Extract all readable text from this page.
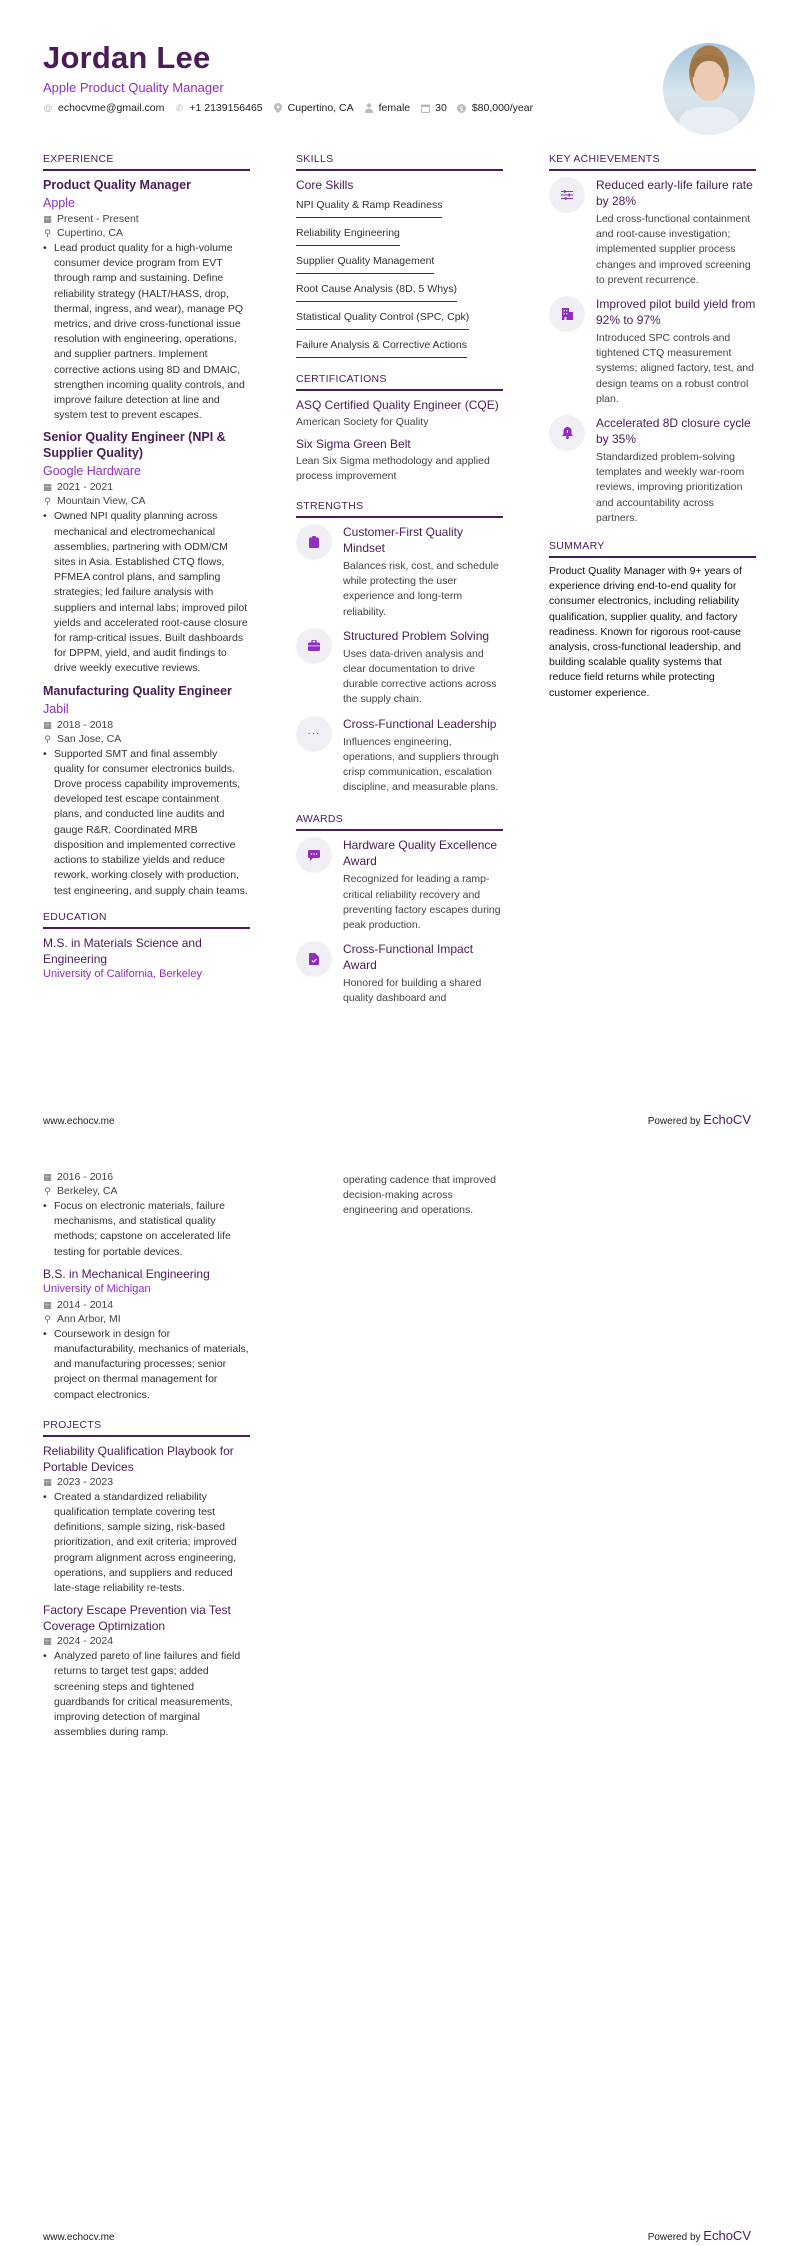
Jordan Lee
Apple Product Quality Manager
@ echocvme@gmail.com ✆ +1 2139156465 Cupertino, CA female 30 $ $80,000/year
EXPERIENCE
Product Quality Manager
Apple
▦ Present - Present
⚲ Cupertino, CA
• Lead product quality for a high-volume consumer device program from EVT through ramp and sustaining. Define reliability strategy (HALT/HASS, drop, thermal, ingress, and wear), manage PQ metrics, and drive cross-functional issue resolution with engineering, operations, and supplier partners. Implement corrective actions using 8D and DMAIC, strengthen incoming quality controls, and improve failure detection at line and system test to prevent escapes.
Senior Quality Engineer (NPI & Supplier Quality)
Google Hardware
▦ 2021 - 2021
⚲ Mountain View, CA
• Owned NPI quality planning across mechanical and electromechanical assemblies, partnering with ODM/CM sites in Asia. Established CTQ flows, PFMEA control plans, and sampling strategies; led failure analysis with suppliers and internal labs; improved pilot yields and accelerated root-cause closure for ramp-critical issues. Built dashboards for DPPM, yield, and audit findings to drive weekly executive reviews.
Manufacturing Quality Engineer
Jabil
▦ 2018 - 2018
⚲ San Jose, CA
• Supported SMT and final assembly quality for consumer electronics builds. Drove process capability improvements, developed test escape containment plans, and conducted line audits and gauge R&R. Coordinated MRB disposition and implemented corrective actions to stabilize yields and reduce rework, working closely with production, test engineering, and supply chain teams.
EDUCATION
M.S. in Materials Science and Engineering
University of California, Berkeley
SKILLS
Core Skills
NPI Quality & Ramp Readiness
Reliability Engineering
Supplier Quality Management
Root Cause Analysis (8D, 5 Whys)
Statistical Quality Control (SPC, Cpk)
Failure Analysis & Corrective Actions
CERTIFICATIONS
ASQ Certified Quality Engineer (CQE)
American Society for Quality
Six Sigma Green Belt
Lean Six Sigma methodology and applied process improvement
STRENGTHS
Customer-First Quality Mindset
Balances risk, cost, and schedule while protecting the user experience and long-term reliability.
Structured Problem Solving
Uses data-driven analysis and clear documentation to drive durable corrective actions across the supply chain.
···
Cross-Functional Leadership
Influences engineering, operations, and suppliers through crisp communication, escalation discipline, and measurable plans.
AWARDS
Hardware Quality Excellence Award
Recognized for leading a ramp-critical reliability recovery and preventing factory escapes during peak production.
Cross-Functional Impact Award
Honored for building a shared quality dashboard and
KEY ACHIEVEMENTS
Reduced early-life failure rate by 28%
Led cross-functional containment and root-cause investigation; implemented supplier process changes and improved screening to prevent recurrence.
Improved pilot build yield from 92% to 97%
Introduced SPC controls and tightened CTQ measurement systems; aligned factory, test, and design teams on a robust control plan.
Accelerated 8D closure cycle by 35%
Standardized problem-solving templates and weekly war-room reviews, improving prioritization and accountability across partners.
SUMMARY
Product Quality Manager with 9+ years of experience driving end-to-end quality for consumer electronics, including reliability qualification, supplier quality, and factory readiness. Known for rigorous root-cause analysis, cross-functional leadership, and building scalable quality systems that reduce field returns while protecting customer experience.
www.echocv.me	Powered by EchoCV
▦ 2016 - 2016
⚲ Berkeley, CA
• Focus on electronic materials, failure mechanisms, and statistical quality methods; capstone on accelerated life testing for portable devices.
B.S. in Mechanical Engineering
University of Michigan
▦ 2014 - 2014
⚲ Ann Arbor, MI
• Coursework in design for manufacturability, mechanics of materials, and manufacturing processes; senior project on thermal management for compact electronics.
PROJECTS
Reliability Qualification Playbook for Portable Devices
▦ 2023 - 2023
• Created a standardized reliability qualification template covering test definitions, sample sizing, risk-based prioritization, and exit criteria; improved program alignment across engineering, operations, and suppliers and reduced late-stage reliability re-tests.
Factory Escape Prevention via Test Coverage Optimization
▦ 2024 - 2024
• Analyzed pareto of line failures and field returns to target test gaps; added screening steps and tightened guardbands for critical measurements, improving detection of marginal assemblies during ramp.
operating cadence that improved decision-making across engineering and operations.
www.echocv.me	Powered by EchoCV
